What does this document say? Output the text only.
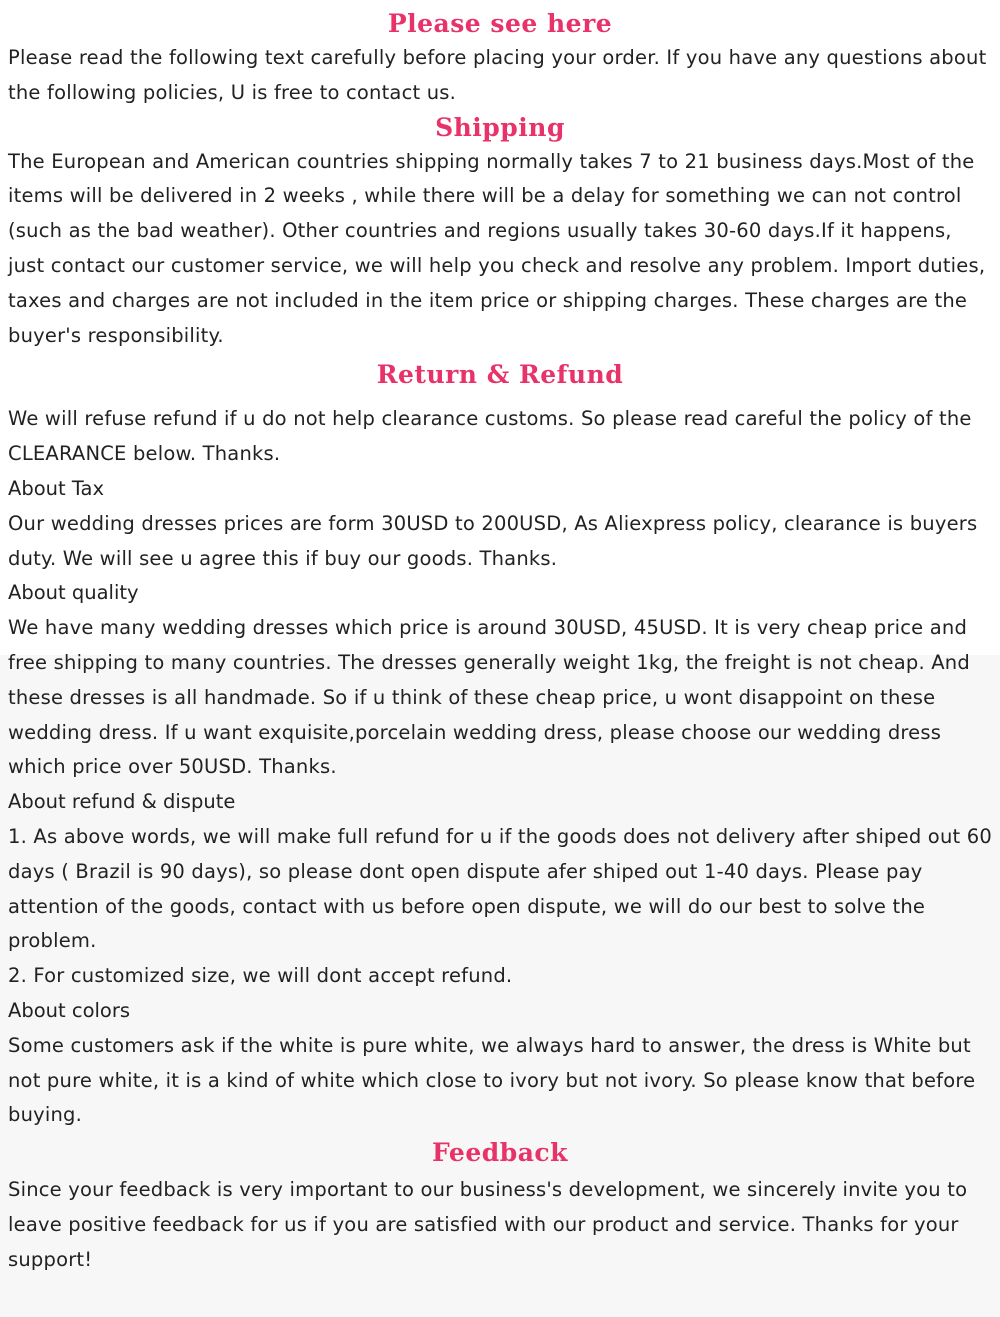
Please see here

Please read the following text carefully before placing your order. If you have any questions about the following policies, U is free to contact us.

Shipping

The European and American countries shipping normally takes 7 to 21 business days.Most of the items will be delivered in 2 weeks , while there will be a delay for something we can not control (such as the bad weather). Other countries and regions usually takes 30-60 days.If it happens, just contact our customer service, we will help you check and resolve any problem. Import duties, taxes and charges are not included in the item price or shipping charges. These charges are the buyer's responsibility.

Return & Refund

We will refuse refund if u do not help clearance customs. So please read careful the policy of the CLEARANCE below. Thanks.

About Tax

Our wedding dresses prices are form 30USD to 200USD, As Aliexpress policy, clearance is buyers duty. We will see u agree this if buy our goods. Thanks.

About quality

We have many wedding dresses which price is around 30USD, 45USD. It is very cheap price and free shipping to many countries. The dresses generally weight 1kg, the freight is not cheap. And these dresses is all handmade. So if u think of these cheap price, u wont disappoint on these wedding dress. If u want exquisite,porcelain wedding dress, please choose our wedding dress which price over 50USD. Thanks.

About refund & dispute

1. As above words, we will make full refund for u if the goods does not delivery after shiped out 60 days ( Brazil is 90 days), so please dont open dispute afer shiped out 1-40 days. Please pay attention of the goods, contact with us before open dispute, we will do our best to solve the problem.

2. For customized size, we will dont accept refund.

About colors

Some customers ask if the white is pure white, we always hard to answer, the dress is White but not pure white, it is a kind of white which close to ivory but not ivory. So please know that before buying.

Feedback

Since your feedback is very important to our business's development, we sincerely invite you to leave positive feedback for us if you are satisfied with our product and service. Thanks for your support!
